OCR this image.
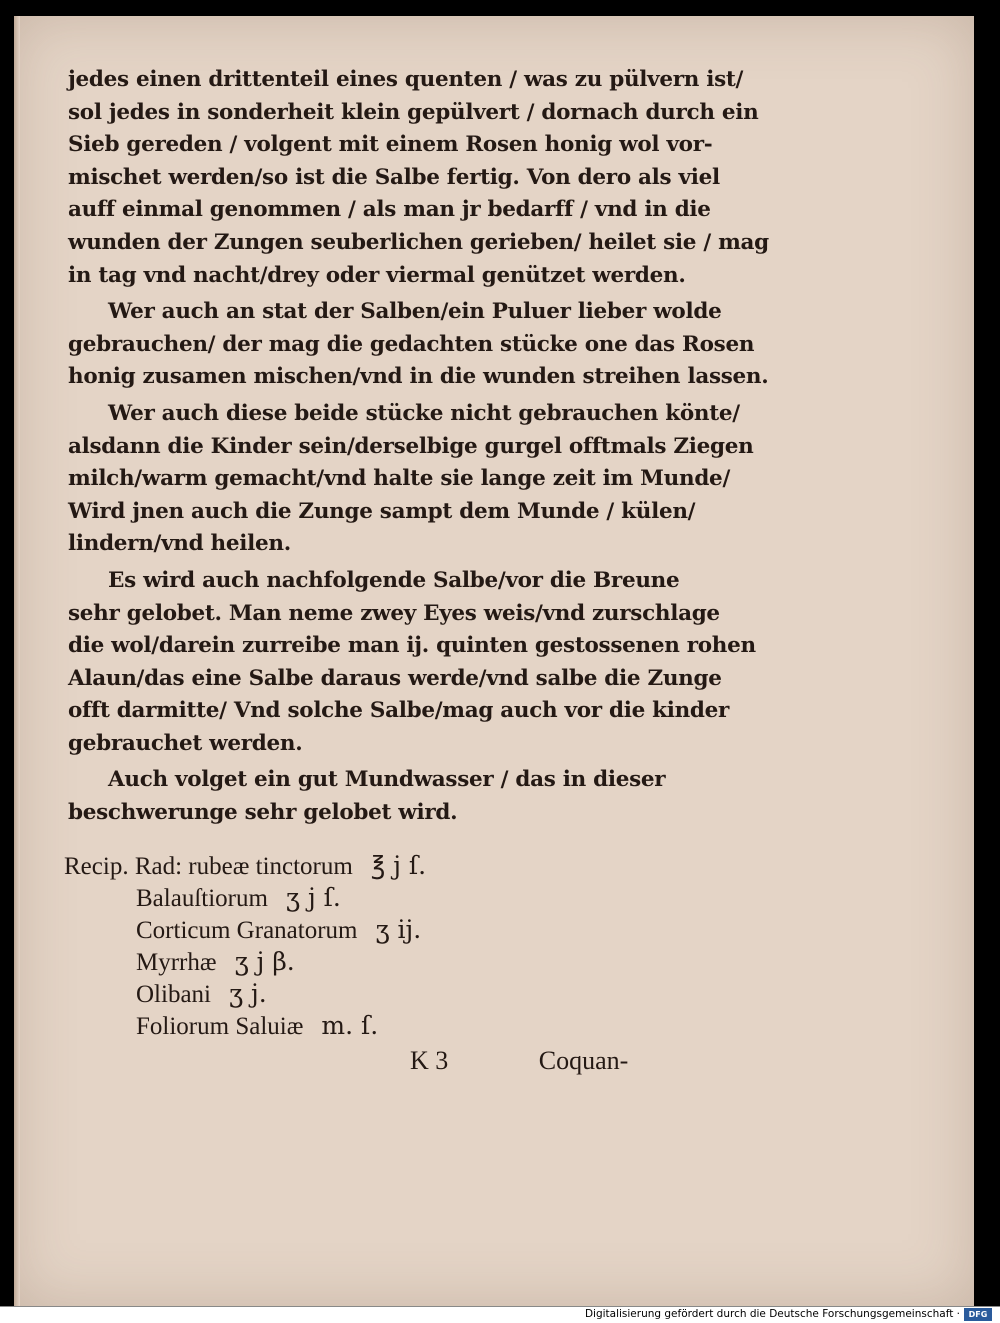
jedes einen drittenteil eines quenten / was zu pülvern ist/
sol jedes in sonderheit klein gepülvert / dornach durch ein
Sieb gereden / volgent mit einem Rosen honig wol vor-
mischet werden/so ist die Salbe fertig. Von dero als viel
auff einmal genommen / als man jr bedarff / vnd in die
wunden der Zungen seuberlichen gerieben/ heilet sie / mag
in tag vnd nacht/drey oder viermal genützet werden.
Wer auch an stat der Salben/ein Puluer lieber wolde
gebrauchen/ der mag die gedachten stücke one das Rosen
honig zusamen mischen/vnd in die wunden streihen lassen.
Wer auch diese beide stücke nicht gebrauchen könte/
alsdann die Kinder sein/derselbige gurgel offtmals Ziegen
milch/warm gemacht/vnd halte sie lange zeit im Munde/
Wird jnen auch die Zunge sampt dem Munde / külen/
lindern/vnd heilen.
Es wird auch nachfolgende Salbe/vor die Breune
sehr gelobet. Man neme zwey Eyes weis/vnd zurschlage
die wol/darein zurreibe man ij. quinten gestossenen rohen
Alaun/das eine Salbe daraus werde/vnd salbe die Zunge
offt darmitte/ Vnd solche Salbe/mag auch vor die kinder
gebrauchet werden.
Auch volget ein gut Mundwasser / das in dieser
beschwerunge sehr gelobet wird.
Recip. Rad: rubeæ tinctorum ℥ j ſ.
Balauſtiorum ʒ j ſ.
Corticum Granatorum ʒ ij.
Myrrhæ ʒ j β.
Olibani ʒ j.
Foliorum Saluiæ m. ſ.
K 3	Coquan-
Digitalisierung gefördert durch die Deutsche Forschungsgemeinschaft ·	DFG
